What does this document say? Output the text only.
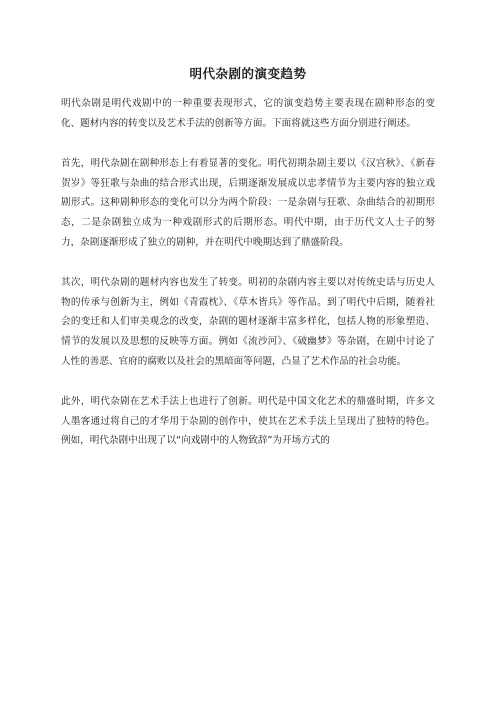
明代杂剧的演变趋势

明代杂剧是明代戏剧中的一种重要表现形式，它的演变趋势主要表现在剧种形态的变化、题材内容的转变以及艺术手法的创新等方面。下面将就这些方面分别进行阐述。

首先，明代杂剧在剧种形态上有着显著的变化。明代初期杂剧主要以《汉宫秋》、《新春贺岁》等狂歌与杂曲的结合形式出现，后期逐渐发展成以忠孝情节为主要内容的独立戏剧形式。这种剧种形态的变化可以分为两个阶段：一是杂剧与狂歌、杂曲结合的初期形态，二是杂剧独立成为一种戏剧形式的后期形态。明代中期，由于历代文人士子的努力，杂剧逐渐形成了独立的剧种，并在明代中晚期达到了鼎盛阶段。

其次，明代杂剧的题材内容也发生了转变。明初的杂剧内容主要以对传统史话与历史人物的传承与创新为主，例如《青霞枕》、《草木皆兵》等作品。到了明代中后期，随着社会的变迁和人们审美观念的改变，杂剧的题材逐渐丰富多样化，包括人物的形象塑造、情节的发展以及思想的反映等方面。例如《流沙河》、《破幽梦》等杂剧，在剧中讨论了人性的善恶、官府的腐败以及社会的黑暗面等问题，凸显了艺术作品的社会功能。

此外，明代杂剧在艺术手法上也进行了创新。明代是中国文化艺术的鼎盛时期，许多文人墨客通过将自己的才华用于杂剧的创作中，使其在艺术手法上呈现出了独特的特色。例如，明代杂剧中出现了以“向戏剧中的人物致辞”为开场方式的
